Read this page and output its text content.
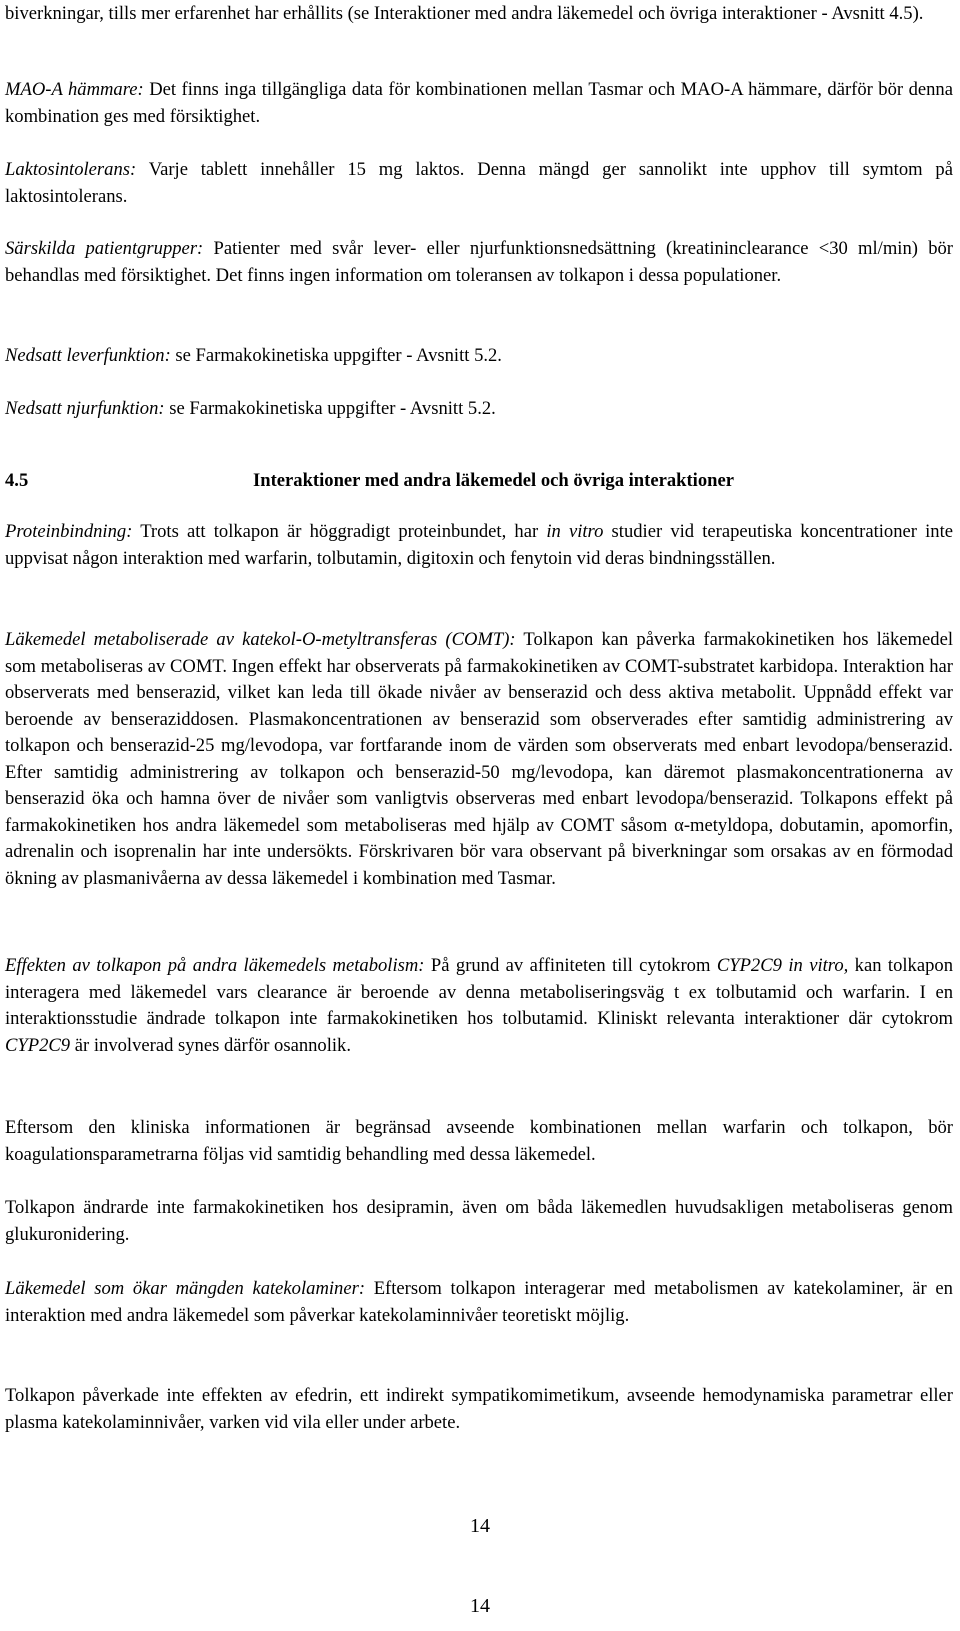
biverkningar, tills mer erfarenhet har erhållits (se Interaktioner med andra läkemedel och övriga interaktioner - Avsnitt 4.5).

MAO-A hämmare: Det finns inga tillgängliga data för kombinationen mellan Tasmar och MAO-A hämmare, därför bör denna kombination ges med försiktighet.

Laktosintolerans: Varje tablett innehåller 15 mg laktos. Denna mängd ger sannolikt inte upphov till symtom på laktosintolerans.

Särskilda patientgrupper: Patienter med svår lever- eller njurfunktionsnedsättning (kreatininclearance <30 ml/min) bör behandlas med försiktighet. Det finns ingen information om toleransen av tolkapon i dessa populationer.

Nedsatt leverfunktion: se Farmakokinetiska uppgifter - Avsnitt 5.2.

Nedsatt njurfunktion: se Farmakokinetiska uppgifter - Avsnitt 5.2.

4.5	Interaktioner med andra läkemedel och övriga interaktioner

Proteinbindning: Trots att tolkapon är höggradigt proteinbundet, har in vitro studier vid terapeutiska koncentrationer inte uppvisat någon interaktion med warfarin, tolbutamin, digitoxin och fenytoin vid deras bindningsställen.

Läkemedel metaboliserade av katekol-O-metyltransferas (COMT): Tolkapon kan påverka farmakokinetiken hos läkemedel som metaboliseras av COMT. Ingen effekt har observerats på farmakokinetiken av COMT-substratet karbidopa. Interaktion har observerats med benserazid, vilket kan leda till ökade nivåer av benserazid och dess aktiva metabolit. Uppnådd effekt var beroende av benseraziddosen. Plasmakoncentrationen av benserazid som observerades efter samtidig administrering av tolkapon och benserazid-25 mg/levodopa, var fortfarande inom de värden som observerats med enbart levodopa/benserazid. Efter samtidig administrering av tolkapon och benserazid-50 mg/levodopa, kan däremot plasmakoncentrationerna av benserazid öka och hamna över de nivåer som vanligtvis observeras med enbart levodopa/benserazid. Tolkapons effekt på farmakokinetiken hos andra läkemedel som metaboliseras med hjälp av COMT såsom α-metyldopa, dobutamin, apomorfin, adrenalin och isoprenalin har inte undersökts. Förskrivaren bör vara observant på biverkningar som orsakas av en förmodad ökning av plasmanivåerna av dessa läkemedel i kombination med Tasmar.

Effekten av tolkapon på andra läkemedels metabolism: På grund av affiniteten till cytokrom CYP2C9 in vitro, kan tolkapon interagera med läkemedel vars clearance är beroende av denna metaboliseringsväg t ex tolbutamid och warfarin. I en interaktionsstudie ändrade tolkapon inte farmakokinetiken hos tolbutamid. Kliniskt relevanta interaktioner där cytokrom CYP2C9 är involverad synes därför osannolik.

Eftersom den kliniska informationen är begränsad avseende kombinationen mellan warfarin och tolkapon, bör koagulationsparametrarna följas vid samtidig behandling med dessa läkemedel.

Tolkapon ändrarde inte farmakokinetiken hos desipramin, även om båda läkemedlen huvudsakligen metaboliseras genom glukuronidering.

Läkemedel som ökar mängden katekolaminer: Eftersom tolkapon interagerar med metabolismen av katekolaminer, är en interaktion med andra läkemedel som påverkar katekolaminnivåer teoretiskt möjlig.

Tolkapon påverkade inte effekten av efedrin, ett indirekt sympatikomimetikum, avseende hemodynamiska parametrar eller plasma katekolaminnivåer, varken vid vila eller under arbete.

14
14
